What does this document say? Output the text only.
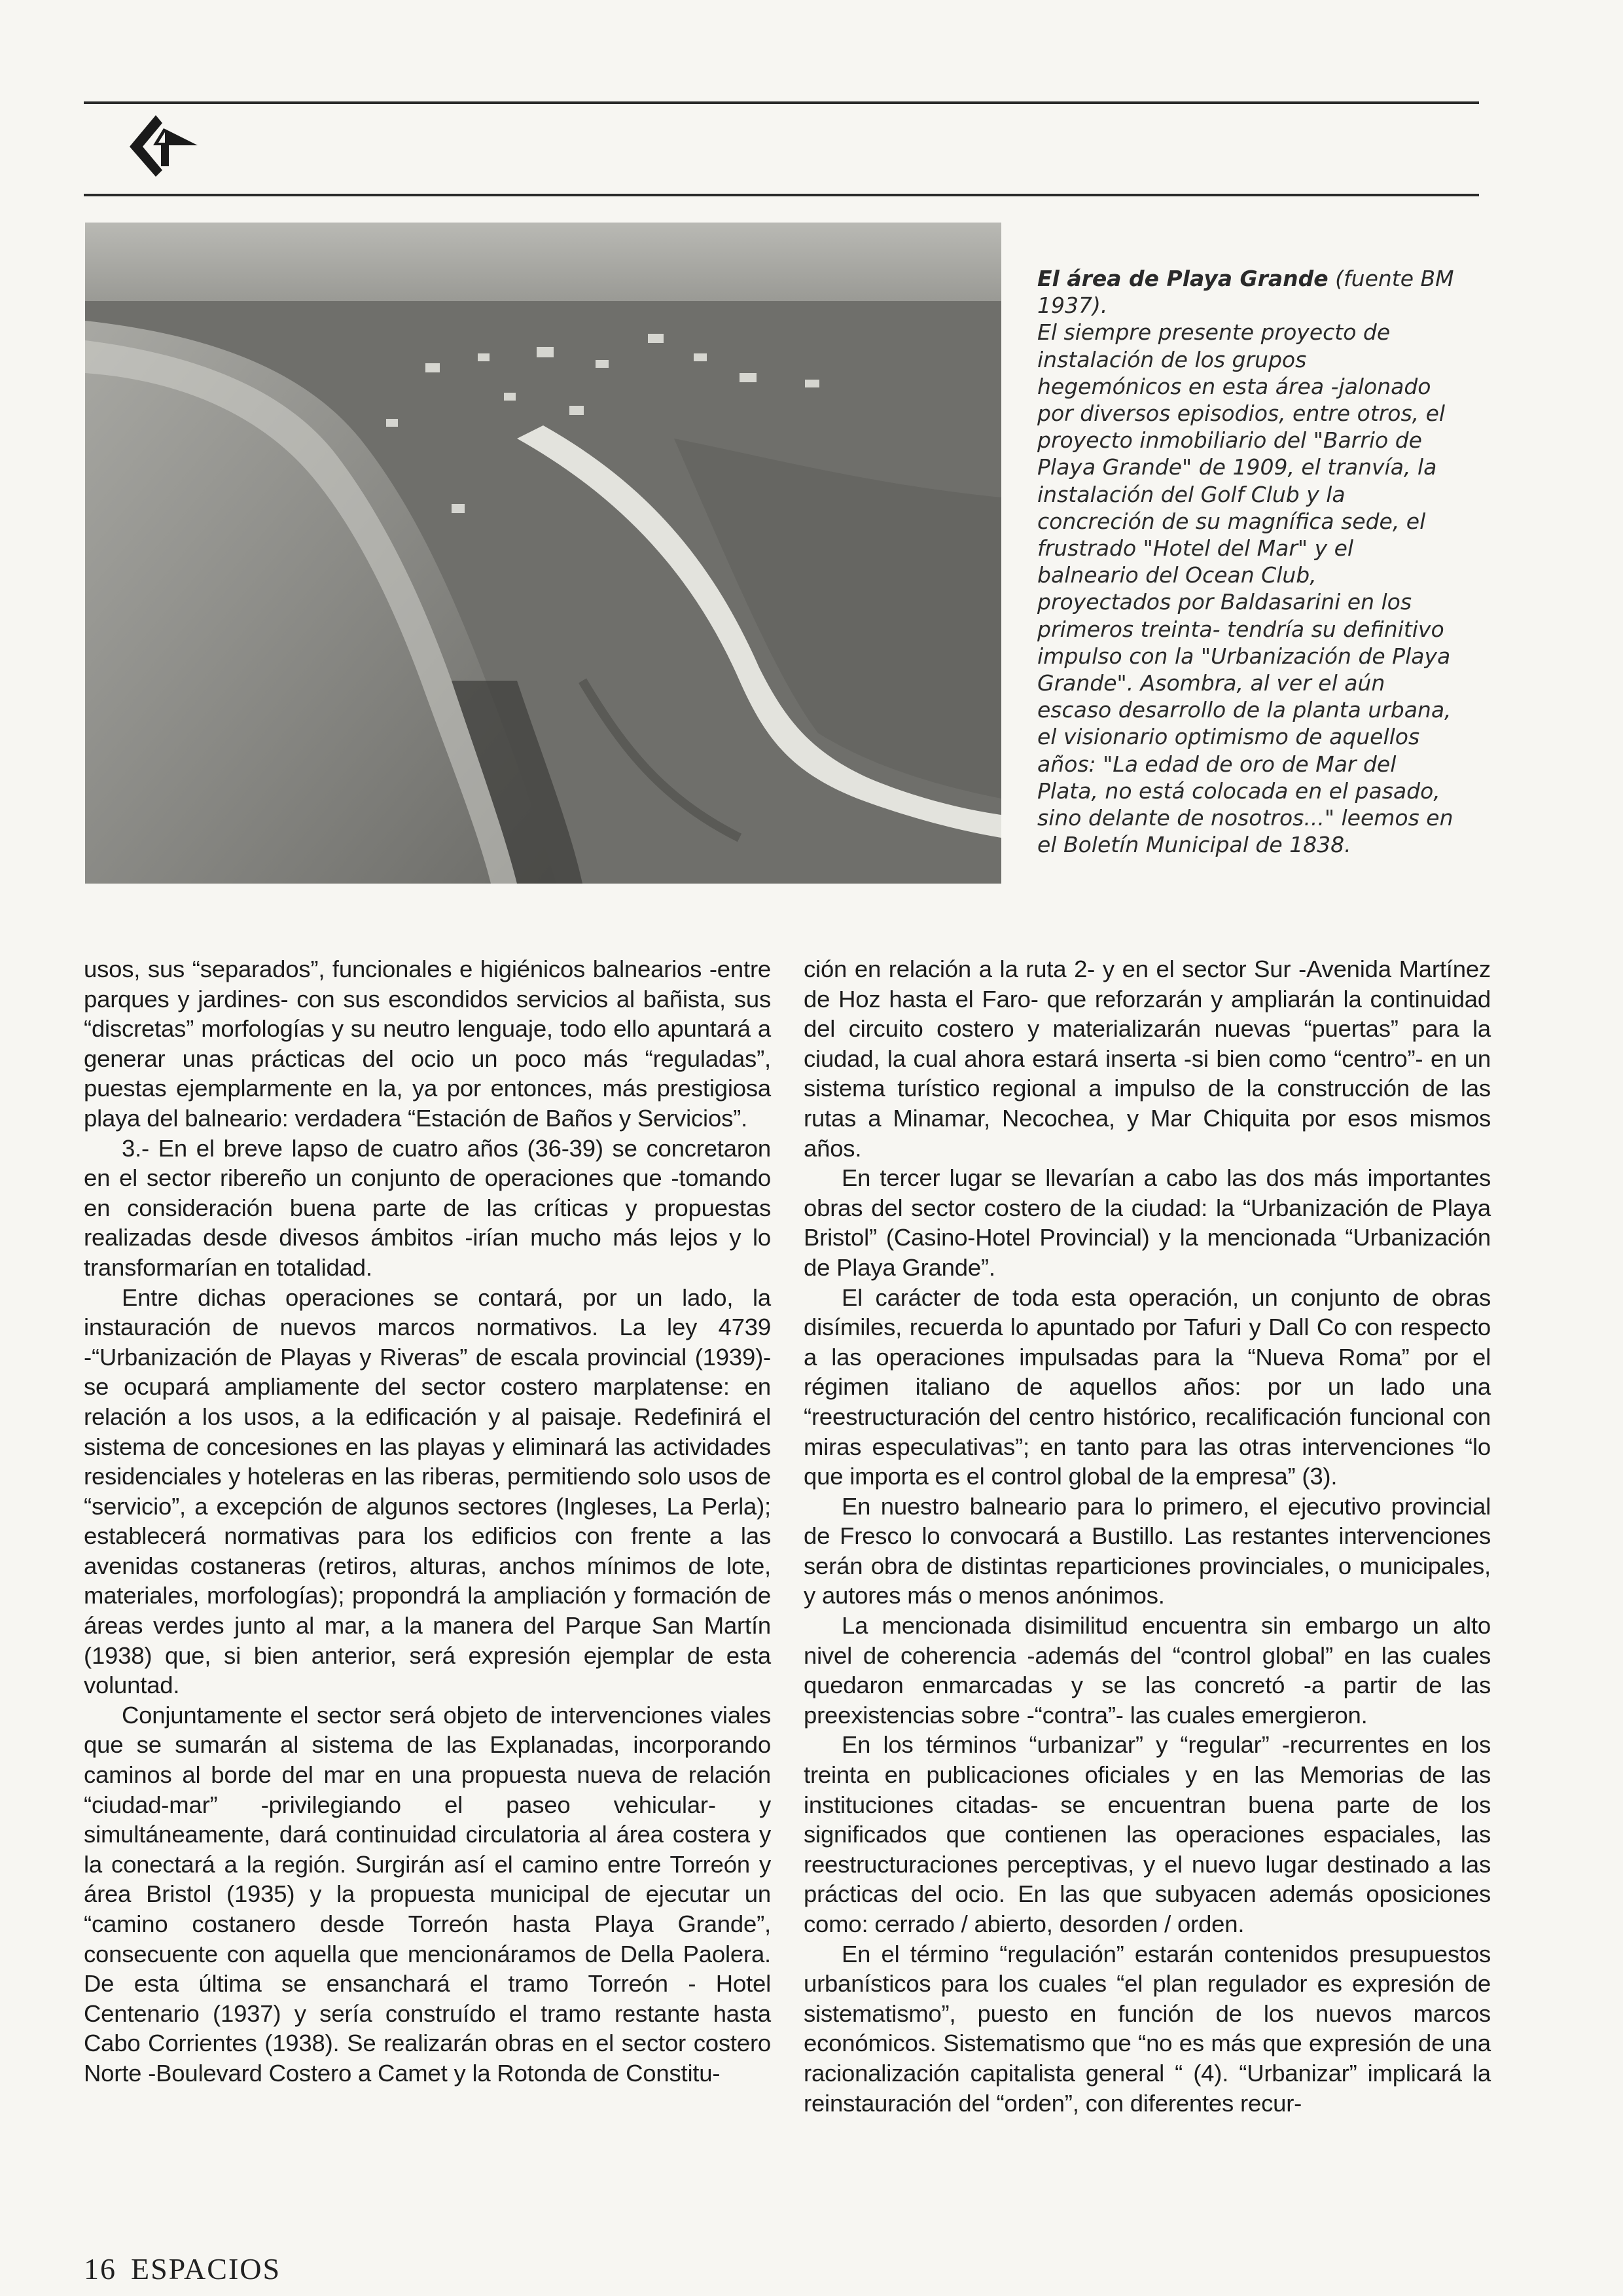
El área de Playa Grande (fuente BM 1937).
El siempre presente proyecto de instalación de los grupos hegemónicos en esta área -jalonado por diversos episodios, entre otros, el proyecto inmobiliario del "Barrio de Playa Grande" de 1909, el tranvía, la instalación del Golf Club y la concreción de su magnífica sede, el frustrado "Hotel del Mar" y el balneario del Ocean Club, proyectados por Baldasarini en los primeros treinta- tendría su definitivo impulso con la "Urbanización de Playa Grande". Asombra, al ver el aún escaso desarrollo de la planta urbana, el visionario optimismo de aquellos años: "La edad de oro de Mar del Plata, no está colocada en el pasado, sino delante de nosotros..." leemos en el Boletín Municipal de 1838.

usos, sus “separados”, funcionales e higiénicos balnearios -entre parques y jardines- con sus escondidos servicios al bañista, sus “discretas” morfologías y su neutro lenguaje, todo ello apuntará a generar unas prácticas del ocio un poco más “reguladas”, puestas ejemplarmente en la, ya por entonces, más prestigiosa playa del balneario: verdadera “Estación de Baños y Servicios”.

3.- En el breve lapso de cuatro años (36-39) se concretaron en el sector ribereño un conjunto de operaciones que -tomando en consideración buena parte de las críticas y propuestas realizadas desde divesos ámbitos -irían mucho más lejos y lo transformarían en totalidad.

Entre dichas operaciones se contará, por un lado, la instauración de nuevos marcos normativos. La ley 4739 -“Urbanización de Playas y Riveras” de escala provincial (1939)- se ocupará ampliamente del sector costero marplatense: en relación a los usos, a la edificación y al paisaje. Redefinirá el sistema de concesiones en las playas y eliminará las actividades residenciales y hoteleras en las riberas, permitiendo solo usos de “servicio”, a excepción de algunos sectores (Ingleses, La Perla); establecerá normativas para los edificios con frente a las avenidas costaneras (retiros, alturas, anchos mínimos de lote, materiales, morfologías); propondrá la ampliación y formación de áreas verdes junto al mar, a la manera del Parque San Martín (1938) que, si bien anterior, será expresión ejemplar de esta voluntad.

Conjuntamente el sector será objeto de intervenciones viales que se sumarán al sistema de las Explanadas, incorporando caminos al borde del mar en una propuesta nueva de relación “ciudad-mar” -privilegiando el paseo vehicular- y simultáneamente, dará continuidad circulatoria al área costera y la conectará a la región. Surgirán así el camino entre Torreón y área Bristol (1935) y la propuesta municipal de ejecutar un “camino costanero desde Torreón hasta Playa Grande”, consecuente con aquella que mencionáramos de Della Paolera. De esta última se ensanchará el tramo Torreón - Hotel Centenario (1937) y sería construído el tramo restante hasta Cabo Corrientes (1938). Se realizarán obras en el sector costero Norte -Boulevard Costero a Camet y la Rotonda de Constitu-

ción en relación a la ruta 2- y en el sector Sur -Avenida Martínez de Hoz hasta el Faro- que reforzarán y ampliarán la continuidad del circuito costero y materializarán nuevas “puertas” para la ciudad, la cual ahora estará inserta -si bien como “centro”- en un sistema turístico regional a impulso de la construcción de las rutas a Minamar, Necochea, y Mar Chiquita por esos mismos años.

En tercer lugar se llevarían a cabo las dos más importantes obras del sector costero de la ciudad: la “Urbanización de Playa Bristol” (Casino-Hotel Provincial) y la mencionada “Urbanización de Playa Grande”.

El carácter de toda esta operación, un conjunto de obras disímiles, recuerda lo apuntado por Tafuri y Dall Co con respecto a las operaciones impulsadas para la “Nueva Roma” por el régimen italiano de aquellos años: por un lado una “reestructuración del centro histórico, recalificación funcional con miras especulativas”; en tanto para las otras intervenciones “lo que importa es el control global de la empresa” (3).

En nuestro balneario para lo primero, el ejecutivo provincial de Fresco lo convocará a Bustillo. Las restantes intervenciones serán obra de distintas reparticiones provinciales, o municipales, y autores más o menos anónimos.

La mencionada disimilitud encuentra sin embargo un alto nivel de coherencia -además del “control global” en las cuales quedaron enmarcadas y se las concretó -a partir de las preexistencias sobre -“contra”- las cuales emergieron.

En los términos “urbanizar” y “regular” -recurrentes en los treinta en publicaciones oficiales y en las Memorias de las instituciones citadas- se encuentran buena parte de los significados que contienen las operaciones espaciales, las reestructuraciones perceptivas, y el nuevo lugar destinado a las prácticas del ocio. En las que subyacen además oposiciones como: cerrado / abierto, desorden / orden.

En el término “regulación” estarán contenidos presupuestos urbanísticos para los cuales “el plan regulador es expresión de sistematismo”, puesto en función de los nuevos marcos económicos. Sistematismo que “no es más que expresión de una racionalización capitalista general “ (4). “Urbanizar” implicará la reinstauración del “orden”, con diferentes recur-

16 ESPACIOS
